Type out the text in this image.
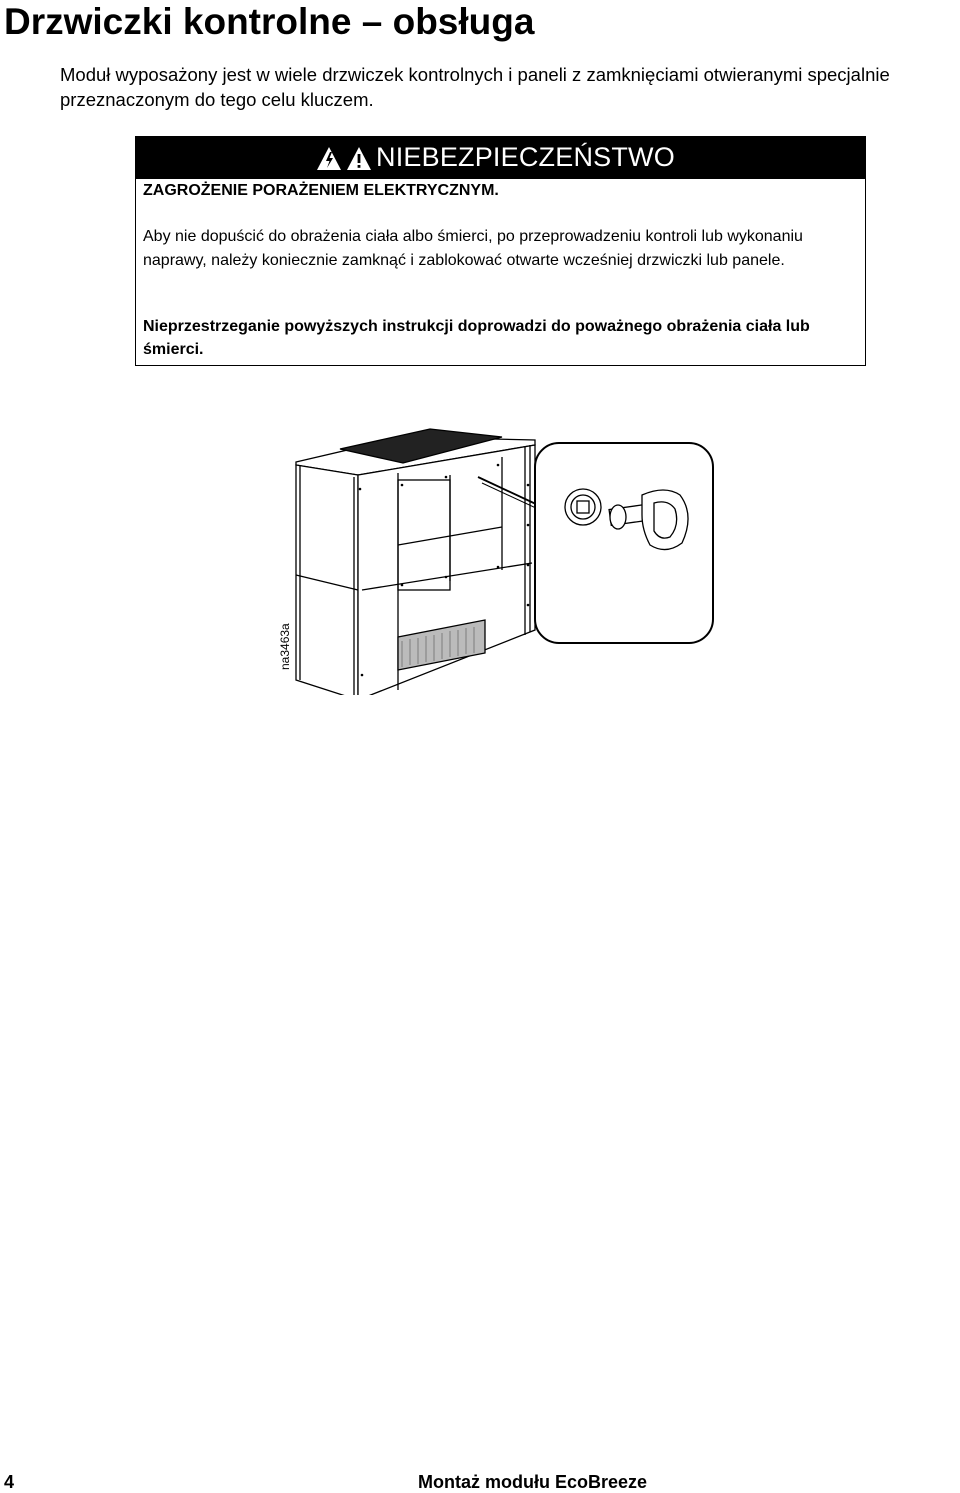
Drzwiczki kontrolne – obsługa
Moduł wyposażony jest w wiele drzwiczek kontrolnych i paneli z zamknięciami otwieranymi specjalnie przeznaczonym do tego celu kluczem.
NIEBEZPIECZEŃSTWO
ZAGROŻENIE PORAŻENIEM ELEKTRYCZNYM.
Aby nie dopuścić do obrażenia ciała albo śmierci, po przeprowadzeniu kontroli lub wykonaniu naprawy, należy koniecznie zamknąć i zablokować otwarte wcześniej drzwiczki lub panele.
Nieprzestrzeganie powyższych instrukcji doprowadzi do poważnego obrażenia ciała lub śmierci.
na3463a
4	Montaż modułu EcoBreeze
